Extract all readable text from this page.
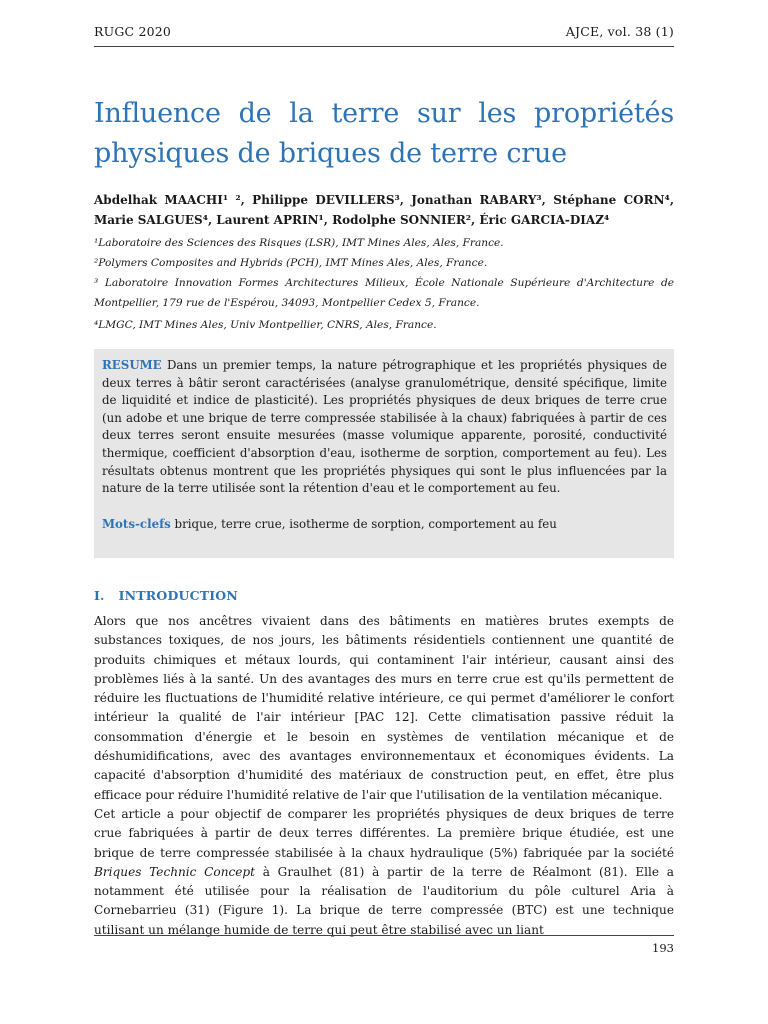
RUGC 2020	AJCE, vol. 38 (1)
Influence de la terre sur les propriétés physiques de briques de terre crue
Abdelhak MAACHI¹ ², Philippe DEVILLERS³, Jonathan RABARY³, Stéphane CORN⁴, Marie SALGUES⁴, Laurent APRIN¹, Rodolphe SONNIER², Éric GARCIA-DIAZ⁴

¹Laboratoire des Sciences des Risques (LSR), IMT Mines Ales, Ales, France.

²Polymers Composites and Hybrids (PCH), IMT Mines Ales, Ales, France.

³ Laboratoire Innovation Formes Architectures Milieux, École Nationale Supérieure d'Architecture de Montpellier, 179 rue de l'Espérou, 34093, Montpellier Cedex 5, France.

⁴LMGC, IMT Mines Ales, Univ Montpellier, CNRS, Ales, France.

RESUME Dans un premier temps, la nature pétrographique et les propriétés physiques de deux terres à bâtir seront caractérisées (analyse granulométrique, densité spécifique, limite de liquidité et indice de plasticité). Les propriétés physiques de deux briques de terre crue (un adobe et une brique de terre compressée stabilisée à la chaux) fabriquées à partir de ces deux terres seront ensuite mesurées (masse volumique apparente, porosité, conductivité thermique, coefficient d'absorption d'eau, isotherme de sorption, comportement au feu). Les résultats obtenus montrent que les propriétés physiques qui sont le plus influencées par la nature de la terre utilisée sont la rétention d'eau et le comportement au feu.
Mots-clefs brique, terre crue, isotherme de sorption, comportement au feu
I. INTRODUCTION

Alors que nos ancêtres vivaient dans des bâtiments en matières brutes exempts de substances toxiques, de nos jours, les bâtiments résidentiels contiennent une quantité de produits chimiques et métaux lourds, qui contaminent l'air intérieur, causant ainsi des problèmes liés à la santé. Un des avantages des murs en terre crue est qu'ils permettent de réduire les fluctuations de l'humidité relative intérieure, ce qui permet d'améliorer le confort intérieur la qualité de l'air intérieur [PAC 12]. Cette climatisation passive réduit la consommation d'énergie et le besoin en systèmes de ventilation mécanique et de déshumidifications, avec des avantages environnementaux et économiques évidents. La capacité d'absorption d'humidité des matériaux de construction peut, en effet, être plus efficace pour réduire l'humidité relative de l'air que l'utilisation de la ventilation mécanique.

Cet article a pour objectif de comparer les propriétés physiques de deux briques de terre crue fabriquées à partir de deux terres différentes. La première brique étudiée, est une brique de terre compressée stabilisée à la chaux hydraulique (5%) fabriquée par la société Briques Technic Concept à Graulhet (81) à partir de la terre de Réalmont (81). Elle a notamment été utilisée pour la réalisation de l'auditorium du pôle culturel Aria à Cornebarrieu (31) (Figure 1). La brique de terre compressée (BTC) est une technique utilisant un mélange humide de terre qui peut être stabilisé avec un liant

193
